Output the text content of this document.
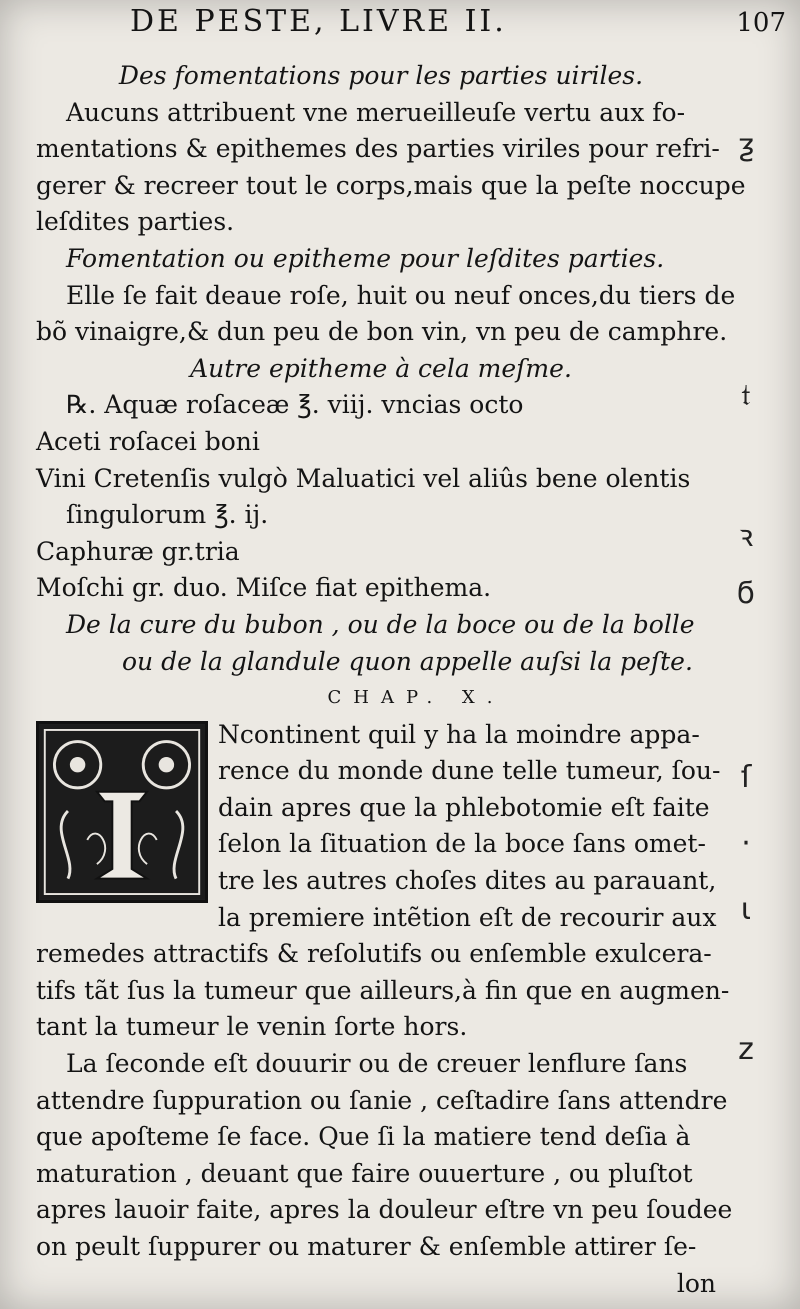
DE PESTE, LIVRE II.	107
ƺ
𝔱
ꝛ
ϭ
ſ
·
ι
z
Des fomentations pour les parties uiriles.
Aucuns attribuent vne merueilleuſe vertu aux fo-
mentations & epithemes des parties viriles pour refri-
gerer & recreer tout le corps,mais que la peſte noccupe
leſdites parties.
Fomentation ou epitheme pour leſdites parties.
Elle ſe fait deaue roſe, huit ou neuf onces,du tiers de
bõ vinaigre,& dun peu de bon vin, vn peu de camphre.
Autre epitheme à cela meſme.
℞. Aquæ roſaceæ ℥. viij. vncias octo
Aceti roſacei boni
Vini Cretenſis vulgò Maluatici vel aliûs bene olentis
ſingulorum ℥. ij.
Caphuræ gr.tria
Moſchi gr. duo. Miſce fiat epithema.
De la cure du bubon , ou de la boce ou de la bolle
ou de la glandule quon appelle auſsi la peſte.
CHAP. X.
Ncontinent quil y ha la moindre appa-
rence du monde dune telle tumeur, ſou-
dain apres que la phlebotomie eſt faite
ſelon la ſituation de la boce ſans omet-
tre les autres choſes dites au parauant,
la premiere intẽtion eſt de recourir aux
remedes attractifs & reſolutifs ou enſemble exulcera-
tifs tãt ſus la tumeur que ailleurs,à fin que en augmen-
tant la tumeur le venin ſorte hors.
La ſeconde eſt douurir ou de creuer lenflure ſans
attendre ſuppuration ou ſanie , ceſtadire ſans attendre
que apoſteme ſe face. Que ſi la matiere tend deſia à
maturation , deuant que faire ouuerture , ou pluſtot
apres lauoir faite, apres la douleur eſtre vn peu ſoudee
on peult ſuppurer ou maturer & enſemble attirer ſe-
lon
